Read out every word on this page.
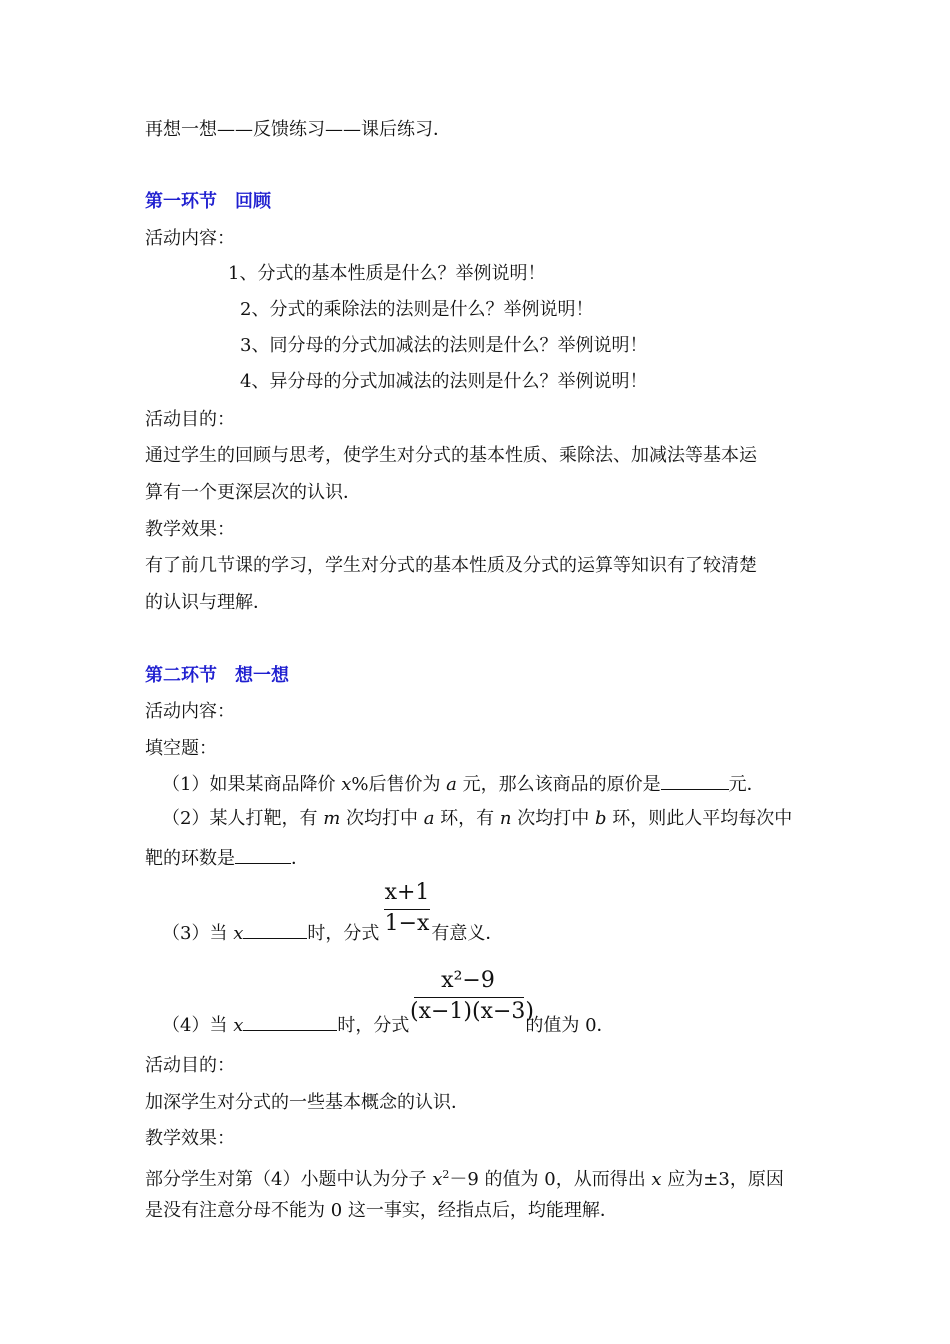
再想一想——反馈练习——课后练习．
第一环节　回顾
活动内容：
1、分式的基本性质是什么？举例说明！
2、分式的乘除法的法则是什么？举例说明！
3、同分母的分式加减法的法则是什么？举例说明！
4、异分母的分式加减法的法则是什么？举例说明！
活动目的：
通过学生的回顾与思考，使学生对分式的基本性质、乘除法、加减法等基本运
算有一个更深层次的认识．
教学效果：
有了前几节课的学习，学生对分式的基本性质及分式的运算等知识有了较清楚
的认识与理解．
第二环节　想一想
活动内容：
填空题：
（1）如果某商品降价 x%后售价为 a 元，那么该商品的原价是	元．
（2）某人打靶，有 m 次均打中 a 环，有 n 次均打中 b 环，则此人平均每次中
靶的环数是	．
x+1
1−x
（3）当 x	时，分式	有意义．
x²−9
(x−1)(x−3)
（4）当 x	时，分式	的值为 0．
活动目的：
加深学生对分式的一些基本概念的认识．
教学效果：
部分学生对第（4）小题中认为分子 $x^2-9$ 的值为 0，从而得出 x 应为±3，原因
是没有注意分母不能为 0 这一事实，经指点后，均能理解．
